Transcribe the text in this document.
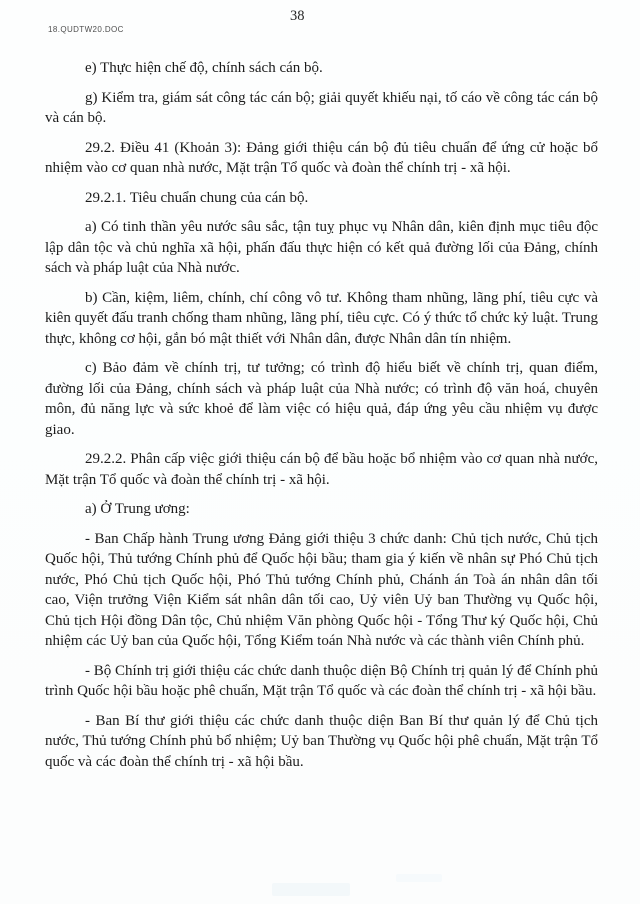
18.QUDTW20.DOC
38

e) Thực hiện chế độ, chính sách cán bộ.

g) Kiểm tra, giám sát công tác cán bộ; giải quyết khiếu nại, tố cáo về công tác cán bộ và cán bộ.

29.2. Điều 41 (Khoản 3): Đảng giới thiệu cán bộ đủ tiêu chuẩn để ứng cử hoặc bổ nhiệm vào cơ quan nhà nước, Mặt trận Tổ quốc và đoàn thể chính trị - xã hội.

29.2.1. Tiêu chuẩn chung của cán bộ.

a) Có tinh thần yêu nước sâu sắc, tận tuỵ phục vụ Nhân dân, kiên định mục tiêu độc lập dân tộc và chủ nghĩa xã hội, phấn đấu thực hiện có kết quả đường lối của Đảng, chính sách và pháp luật của Nhà nước.

b) Cần, kiệm, liêm, chính, chí công vô tư. Không tham nhũng, lãng phí, tiêu cực và kiên quyết đấu tranh chống tham nhũng, lãng phí, tiêu cực. Có ý thức tổ chức kỷ luật. Trung thực, không cơ hội, gắn bó mật thiết với Nhân dân, được Nhân dân tín nhiệm.

c) Bảo đảm về chính trị, tư tưởng; có trình độ hiểu biết về chính trị, quan điểm, đường lối của Đảng, chính sách và pháp luật của Nhà nước; có trình độ văn hoá, chuyên môn, đủ năng lực và sức khoẻ để làm việc có hiệu quả, đáp ứng yêu cầu nhiệm vụ được giao.

29.2.2. Phân cấp việc giới thiệu cán bộ để bầu hoặc bổ nhiệm vào cơ quan nhà nước, Mặt trận Tổ quốc và đoàn thể chính trị - xã hội.

a) Ở Trung ương:

- Ban Chấp hành Trung ương Đảng giới thiệu 3 chức danh: Chủ tịch nước, Chủ tịch Quốc hội, Thủ tướng Chính phủ để Quốc hội bầu; tham gia ý kiến về nhân sự Phó Chủ tịch nước, Phó Chủ tịch Quốc hội, Phó Thủ tướng Chính phủ, Chánh án Toà án nhân dân tối cao, Viện trưởng Viện Kiểm sát nhân dân tối cao, Uỷ viên Uỷ ban Thường vụ Quốc hội, Chủ tịch Hội đồng Dân tộc, Chủ nhiệm Văn phòng Quốc hội - Tổng Thư ký Quốc hội, Chủ nhiệm các Uỷ ban của Quốc hội, Tổng Kiểm toán Nhà nước và các thành viên Chính phủ.

- Bộ Chính trị giới thiệu các chức danh thuộc diện Bộ Chính trị quản lý để Chính phủ trình Quốc hội bầu hoặc phê chuẩn, Mặt trận Tổ quốc và các đoàn thể chính trị - xã hội bầu.

- Ban Bí thư giới thiệu các chức danh thuộc diện Ban Bí thư quản lý để Chủ tịch nước, Thủ tướng Chính phủ bổ nhiệm; Uỷ ban Thường vụ Quốc hội phê chuẩn, Mặt trận Tổ quốc và các đoàn thể chính trị - xã hội bầu.
